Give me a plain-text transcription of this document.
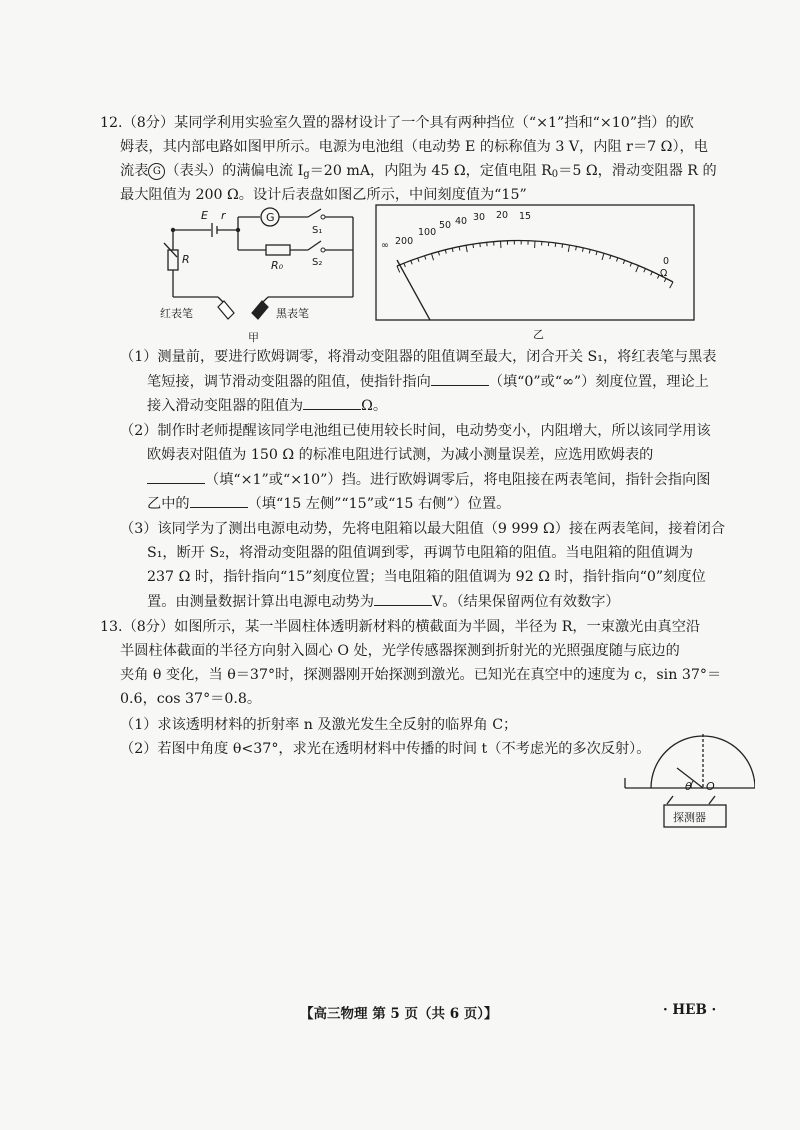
12.（8分）某同学利用实验室久置的器材设计了一个具有两种挡位（“×1”挡和“×10”挡）的欧
姆表，其内部电路如图甲所示。电源为电池组（电动势 E 的标称值为 3 V，内阻 r＝7 Ω），电
流表 G （表头）的满偏电流 $I_g=20$ mA，内阻为 45 Ω，定值电阻 $R_0=5$ Ω，滑动变阻器 R 的
最大阻值为 200 Ω。设计后表盘如图乙所示，中间刻度值为“15”
E r	G
R	R₀
S₁
S₂
红表笔	黑表笔
甲
∞ 200
100
50 40 30 20 15
0
Ω
乙
（1）测量前，要进行欧姆调零，将滑动变阻器的阻值调至最大，闭合开关 S₁，将红表笔与黑表
笔短接，调节滑动变阻器的阻值，使指针指向	（填“0”或“∞”）刻度位置，理论上
接入滑动变阻器的阻值为	Ω。
（2）制作时老师提醒该同学电池组已使用较长时间，电动势变小，内阻增大，所以该同学用该
欧姆表对阻值为 150 Ω 的标准电阻进行试测，为减小测量误差，应选用欧姆表的
（填“×1”或“×10”）挡。进行欧姆调零后，将电阻接在两表笔间，指针会指向图
乙中的	（填“15 左侧”“15”或“15 右侧”）位置。
（3）该同学为了测出电源电动势，先将电阻箱以最大阻值（9 999 Ω）接在两表笔间，接着闭合
S₁，断开 S₂，将滑动变阻器的阻值调到零，再调节电阻箱的阻值。当电阻箱的阻值调为
237 Ω 时，指针指向“15”刻度位置；当电阻箱的阻值调为 92 Ω 时，指针指向“0”刻度位
置。由测量数据计算出电源电动势为	V。（结果保留两位有效数字）
13.（8分）如图所示，某一半圆柱体透明新材料的横截面为半圆，半径为 R，一束激光由真空沿
半圆柱体截面的半径方向射入圆心 O 处，光学传感器探测到折射光的光照强度随与底边的
夹角 θ 变化，当 θ＝37°时，探测器刚开始探测到激光。已知光在真空中的速度为 c，sin 37°＝
0.6，cos 37°＝0.8。
（1）求该透明材料的折射率 n 及激光发生全反射的临界角 C；
（2）若图中角度 θ<37°，求光在透明材料中传播的时间 t（不考虑光的多次反射）。
θ O
探测器
【高三物理 第 5 页（共 6 页）】	· HEB ·
